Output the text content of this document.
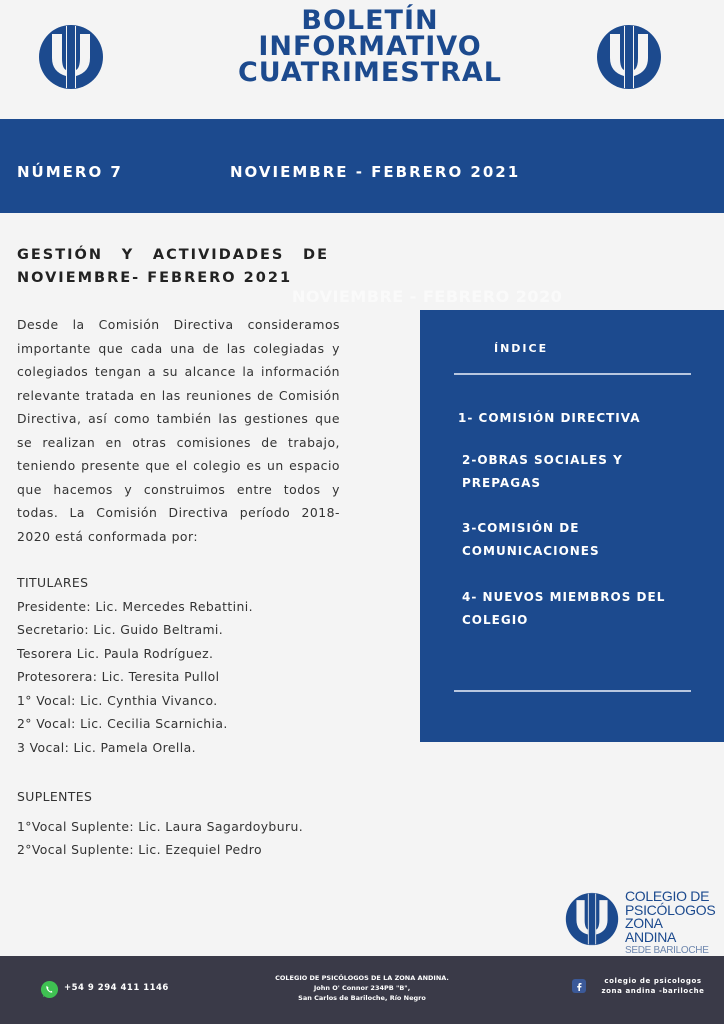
BOLETÍN
INFORMATIVO
CUATRIMESTRAL
NÚMERO 7	NOVIEMBRE - FEBRERO 2021
GESTIÓN Y ACTIVIDADES DE NOVIEMBRE- FEBRERO 2021
NOVIEMBRE - FEBRERO 2020
Desde la Comisión Directiva consideramos importante que cada una de las colegiadas y colegiados tengan a su alcance la información relevante tratada en las reuniones de Comisión Directiva, así como también las gestiones que se realizan en otras comisiones de trabajo, teniendo presente que el colegio es un espacio que hacemos y construimos entre todos y todas. La Comisión Directiva período 2018- 2020 está conformada por:
TITULARES
Presidente: Lic. Mercedes Rebattini.
Secretario: Lic. Guido Beltrami.
Tesorera Lic. Paula Rodríguez.
Protesorera: Lic. Teresita Pullol
1° Vocal: Lic. Cynthia Vivanco.
2° Vocal: Lic. Cecilia Scarnichia.
3 Vocal: Lic. Pamela Orella.
SUPLENTES
1°Vocal Suplente: Lic. Laura Sagardoyburu.
2°Vocal Suplente: Lic. Ezequiel Pedro
ÍNDICE
1- COMISIÓN DIRECTIVA
2-OBRAS SOCIALES Y PREPAGAS
3-COMISIÓN DE COMUNICACIONES
4- NUEVOS MIEMBROS DEL COLEGIO
COLEGIO DE
PSICÓLOGOS
ZONA ANDINA
SEDE BARILOCHE
+54 9 294 411 1146
COLEGIO DE PSICÓLOGOS DE LA ZONA ANDINA.
John O' Connor 234PB "B",
San Carlos de Bariloche, Río Negro
colegio de psicologos
zona andina -bariloche
